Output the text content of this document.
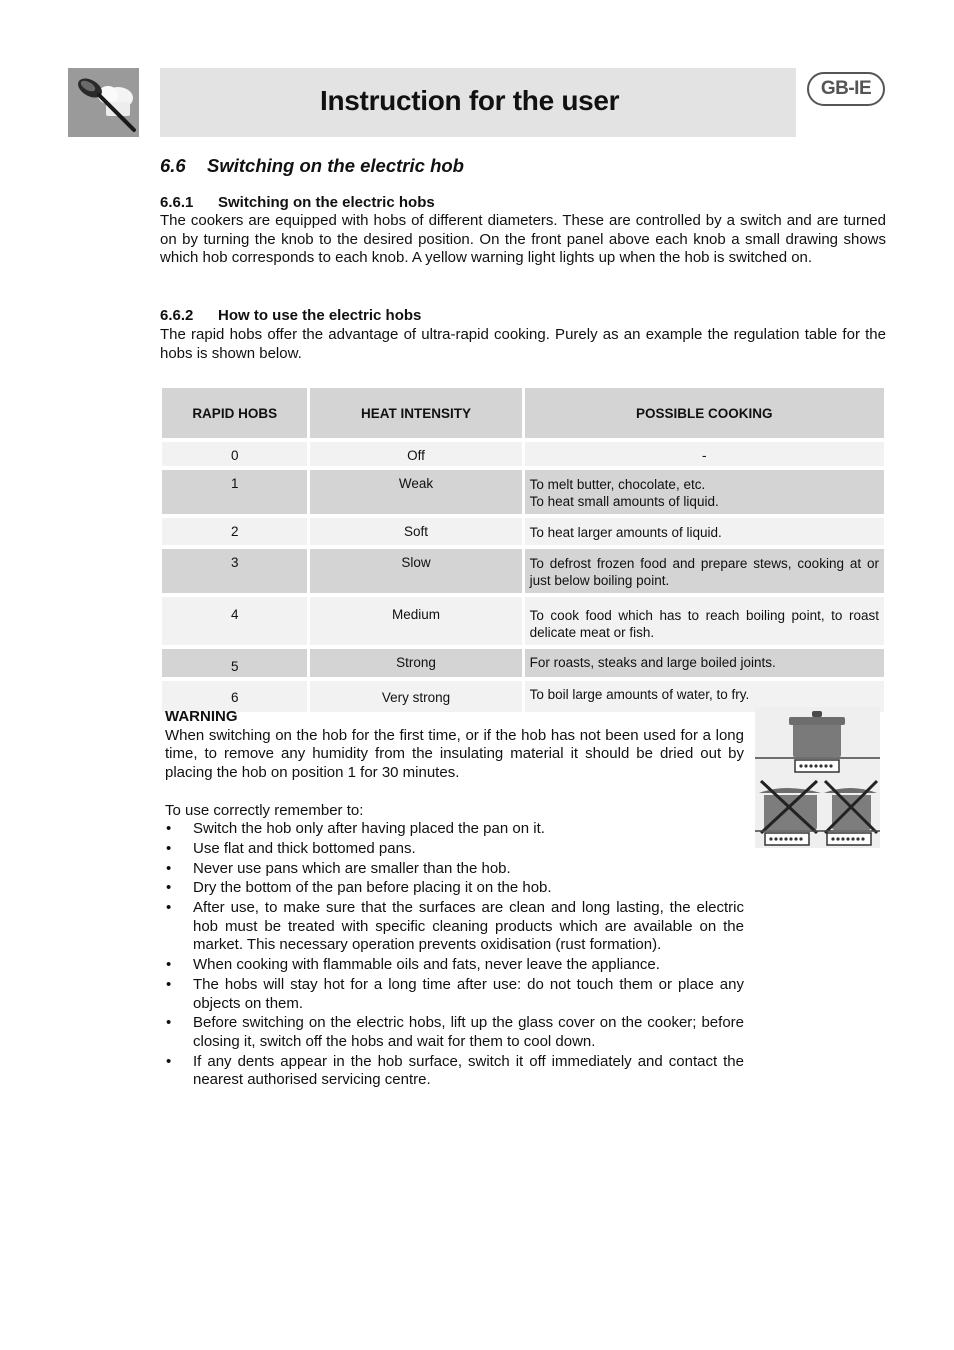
Instruction for the user	GB-IE
6.6 Switching on the electric hob
6.6.1 Switching on the electric hobs

The cookers are equipped with hobs of different diameters. These are controlled by a switch and are turned on by turning the knob to the desired position. On the front panel above each knob a small drawing shows which hob corresponds to each knob. A yellow warning light lights up when the hob is switched on.

6.6.2 How to use the electric hobs

The rapid hobs offer the advantage of ultra-rapid cooking. Purely as an example the regulation table for the hobs is shown below.

RAPID HOBS	HEAT INTENSITY	POSSIBLE COOKING
0	Off	-
1	Weak	To melt butter, chocolate, etc.
To heat small amounts of liquid.

2	Soft	To heat larger amounts of liquid.
3	Slow	To defrost frozen food and prepare stews, cooking at or just below boiling point.
4	Medium	To cook food which has to reach boiling point, to roast delicate meat or fish.
5	Strong	For roasts, steaks and large boiled joints.
6	Very strong	To boil large amounts of water, to fry.

WARNING

When switching on the hob for the first time, or if the hob has not been used for a long time, to remove any humidity from the insulating material it should be dried out by placing the hob on position 1 for 30 minutes.

To use correctly remember to:

• Switch the hob only after having placed the pan on it.
• Use flat and thick bottomed pans.
• Never use pans which are smaller than the hob.
• Dry the bottom of the pan before placing it on the hob.
• After use, to make sure that the surfaces are clean and long lasting, the electric hob must be treated with specific cleaning products which are available on the market. This necessary operation prevents oxidisation (rust formation).
• When cooking with flammable oils and fats, never leave the appliance.
• The hobs will stay hot for a long time after use: do not touch them or place any objects on them.
• Before switching on the electric hobs, lift up the glass cover on the cooker; before closing it, switch off the hobs and wait for them to cool down.
• If any dents appear in the hob surface, switch it off immediately and contact the nearest authorised servicing centre.
